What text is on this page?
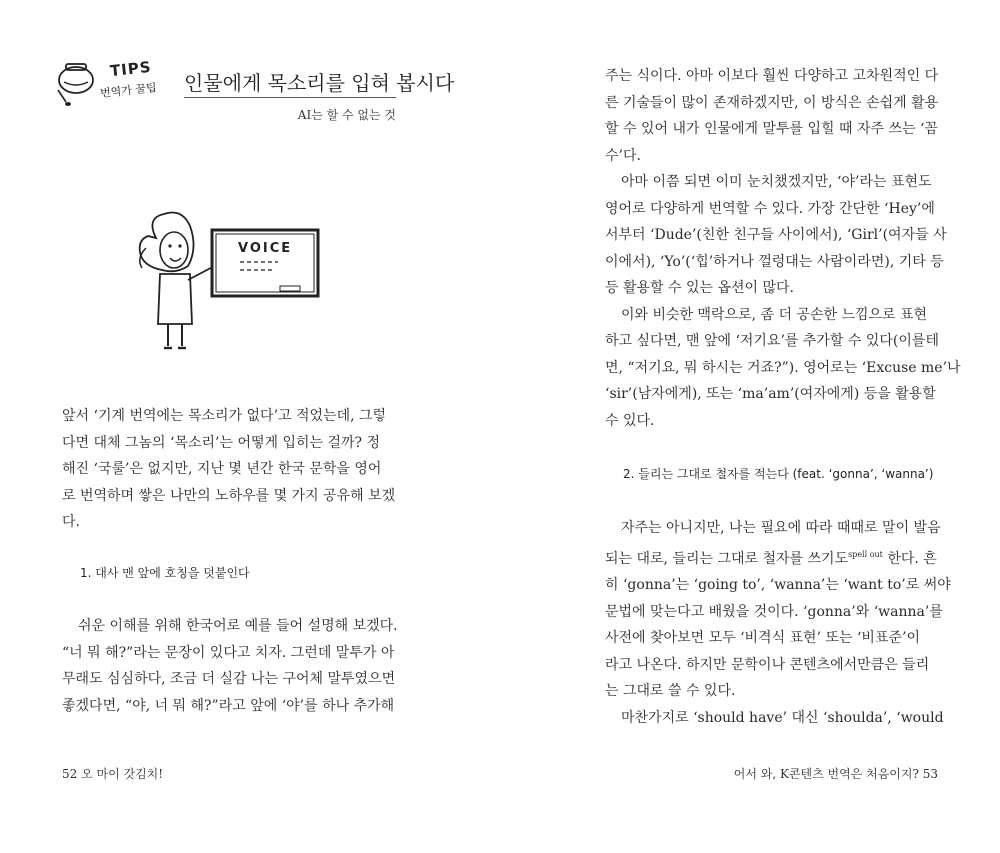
TIPS
번역가 꿀팁 인물에게 목소리를 입혀 봅시다
AI는 할 수 없는 것
VOICE
앞서 ‘기계 번역에는 목소리가 없다’고 적었는데, 그렇
다면 대체 그놈의 ‘목소리’는 어떻게 입히는 걸까? 정
해진 ‘국룰’은 없지만, 지난 몇 년간 한국 문학을 영어
로 번역하며 쌓은 나만의 노하우를 몇 가지 공유해 보겠
다.
1. 대사 맨 앞에 호칭을 덧붙인다
쉬운 이해를 위해 한국어로 예를 들어 설명해 보겠다.
“너 뭐 해?”라는 문장이 있다고 치자. 그런데 말투가 아
무래도 심심하다, 조금 더 실감 나는 구어체 말투였으면
좋겠다면, “야, 너 뭐 해?”라고 앞에 ‘야’를 하나 추가해
52 오 마이 갓김치!
주는 식이다. 아마 이보다 훨씬 다양하고 고차원적인 다
른 기술들이 많이 존재하겠지만, 이 방식은 손쉽게 활용
할 수 있어 내가 인물에게 말투를 입힐 때 자주 쓰는 ‘꼼
수’다.
아마 이쯤 되면 이미 눈치챘겠지만, ‘야’라는 표현도
영어로 다양하게 번역할 수 있다. 가장 간단한 ‘Hey’에
서부터 ‘Dude’(친한 친구들 사이에서), ‘Girl’(여자들 사
이에서), ‘Yo’(‘힙’하거나 껄렁대는 사람이라면), 기타 등
등 활용할 수 있는 옵션이 많다.
이와 비슷한 맥락으로, 좀 더 공손한 느낌으로 표현
하고 싶다면, 맨 앞에 ‘저기요’를 추가할 수 있다(이를테
면, “저기요, 뭐 하시는 거죠?”). 영어로는 ‘Excuse me’나
‘sir’(남자에게), 또는 ‘ma’am’(여자에게) 등을 활용할
수 있다.
2. 들리는 그대로 철자를 적는다 (feat. ‘gonna’, ‘wanna’)
자주는 아니지만, 나는 필요에 따라 때때로 말이 발음
되는 대로, 들리는 그대로 철자를 쓰기도$^{spell out}$ 한다. 흔
히 ‘gonna’는 ‘going to’, ‘wanna’는 ‘want to’로 써야
문법에 맞는다고 배웠을 것이다. ‘gonna’와 ‘wanna’를
사전에 찾아보면 모두 ‘비격식 표현’ 또는 ‘비표준’이
라고 나온다. 하지만 문학이나 콘텐츠에서만큼은 들리
는 그대로 쓸 수 있다.
마찬가지로 ‘should have’ 대신 ‘shoulda’, ‘would
어서 와, K콘텐츠 번역은 처음이지? 53
